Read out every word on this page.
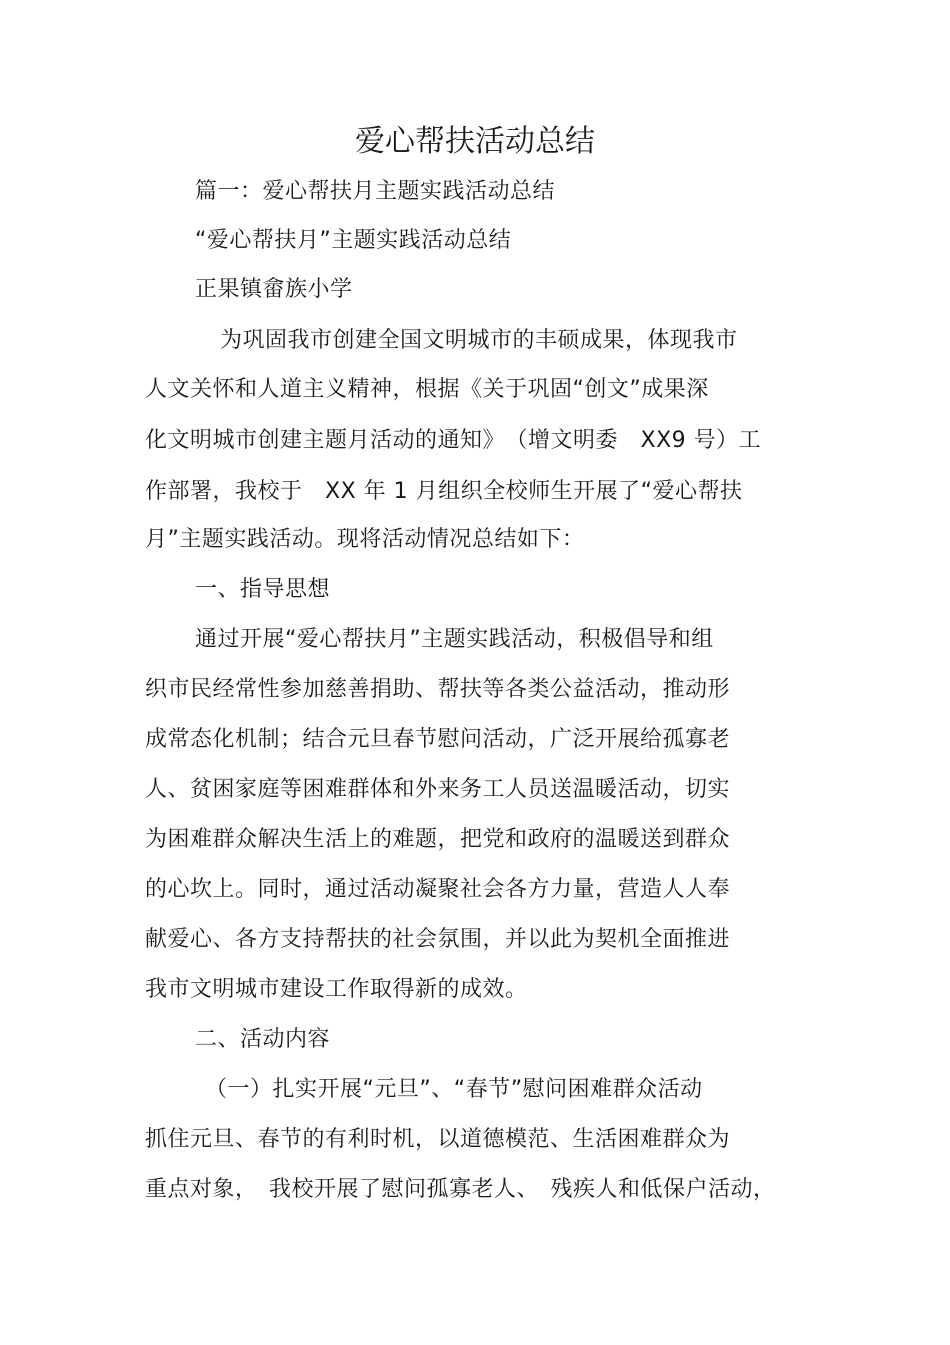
爱心帮扶活动总结
篇一：爱心帮扶月主题实践活动总结
“爱心帮扶月”主题实践活动总结
正果镇畲族小学
为巩固我市创建全国文明城市的丰硕成果，体现我市
人文关怀和人道主义精神，根据《关于巩固“创文”成果深
化文明城市创建主题月活动的通知》　（增文明委　XX9 号）工
作部署，我校于　XX 年 1 月组织全校师生开展了“爱心帮扶
月”主题实践活动。现将活动情况总结如下：
一、指导思想
通过开展“爱心帮扶月”主题实践活动，积极倡导和组
织市民经常性参加慈善捐助、帮扶等各类公益活动，推动形
成常态化机制；结合元旦春节慰问活动，广泛开展给孤寡老
人、贫困家庭等困难群体和外来务工人员送温暖活动，切实
为困难群众解决生活上的难题，把党和政府的温暖送到群众
的心坎上。同时，通过活动凝聚社会各方力量，营造人人奉
献爱心、各方支持帮扶的社会氛围，并以此为契机全面推进
我市文明城市建设工作取得新的成效。
二、活动内容
（一）扎实开展“元旦”、“春节”慰问困难群众活动
抓住元旦、春节的有利时机，以道德模范、生活困难群众为
重点对象，　我校开展了慰问孤寡老人、　残疾人和低保户活动，
